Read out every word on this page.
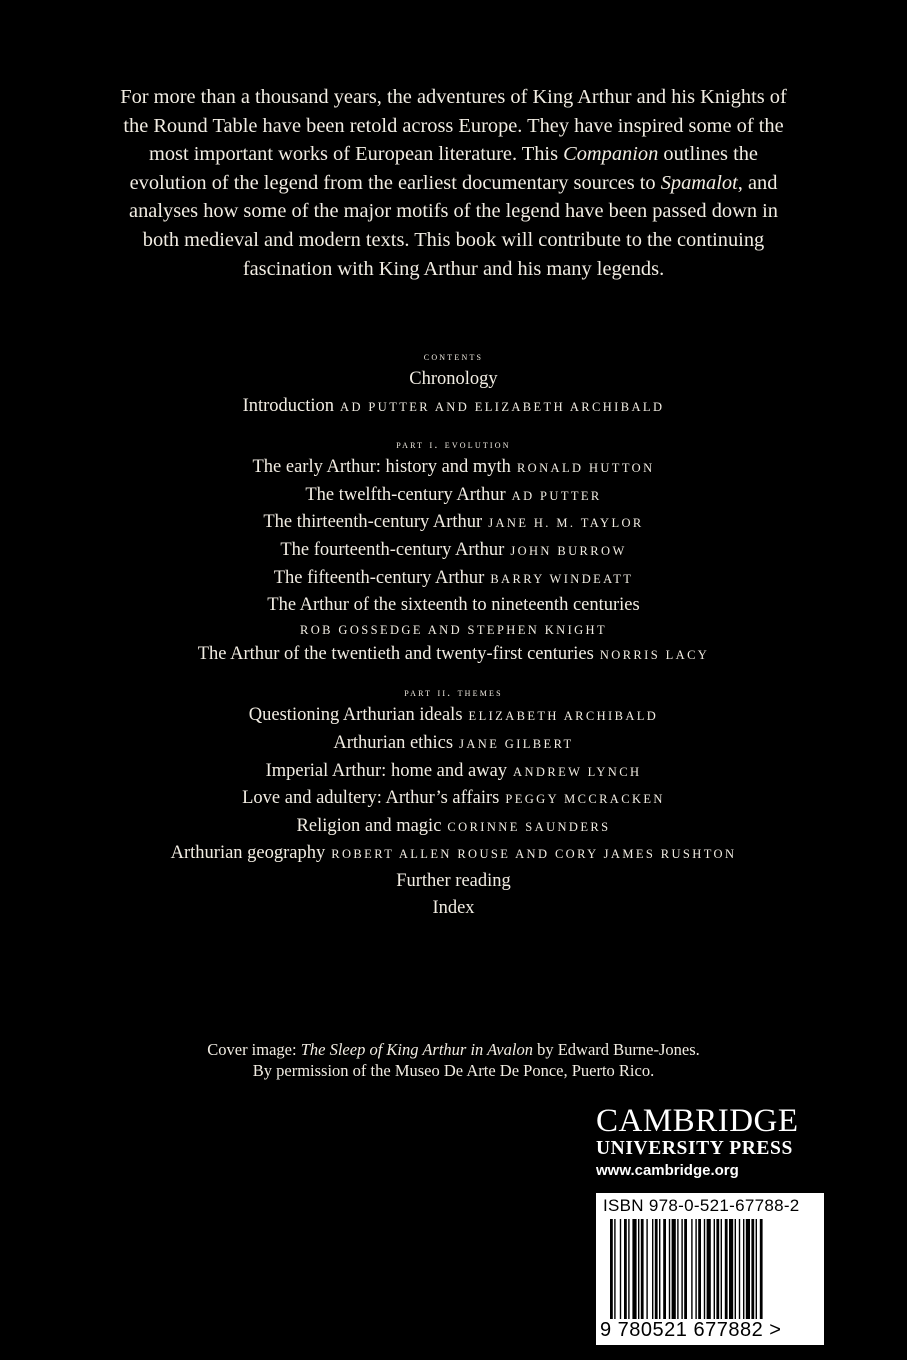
For more than a thousand years, the adventures of King Arthur and his Knights of the Round Table have been retold across Europe. They have inspired some of the most important works of European literature. This Companion outlines the evolution of the legend from the earliest documentary sources to Spamalot, and analyses how some of the major motifs of the legend have been passed down in both medieval and modern texts. This book will contribute to the continuing fascination with King Arthur and his many legends.

contents
Chronology
Introduction AD PUTTER AND ELIZABETH ARCHIBALD
part i. evolution
The early Arthur: history and myth RONALD HUTTON
The twelfth-century Arthur AD PUTTER
The thirteenth-century Arthur JANE H. M. TAYLOR
The fourteenth-century Arthur JOHN BURROW
The fifteenth-century Arthur BARRY WINDEATT
The Arthur of the sixteenth to nineteenth centuries
ROB GOSSEDGE AND STEPHEN KNIGHT
The Arthur of the twentieth and twenty-first centuries NORRIS LACY
part ii. themes
Questioning Arthurian ideals ELIZABETH ARCHIBALD
Arthurian ethics JANE GILBERT
Imperial Arthur: home and away ANDREW LYNCH
Love and adultery: Arthur’s affairs PEGGY MCCRACKEN
Religion and magic CORINNE SAUNDERS
Arthurian geography ROBERT ALLEN ROUSE AND CORY JAMES RUSHTON
Further reading
Index
Cover image: The Sleep of King Arthur in Avalon by Edward Burne-Jones.
By permission of the Museo De Arte De Ponce, Puerto Rico.
CAMBRIDGE
UNIVERSITY PRESS
www.cambridge.org
ISBN 978-0-521-67788-2
9 780521 677882 >
